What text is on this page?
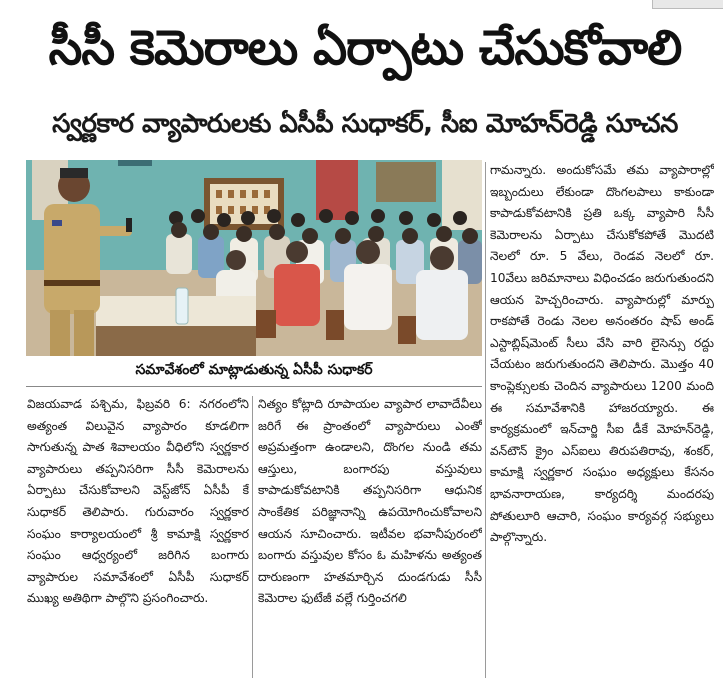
సీసీ కెమెరాలు ఏర్పాటు చేసుకోవాలి
స్వర్ణకార వ్యాపారులకు ఏసీపీ సుధాకర్‌, సీఐ మోహన్‌రెడ్డి సూచన
సమావేశంలో మాట్లాడుతున్న ఏసీపీ సుధాకర్‌

విజయవాడ పశ్చిమ, ఫిబ్రవరి 6: నగరంలోని అత్యంత విలువైన వ్యాపారం కూడలిగా సాగుతున్న పాత శివాలయం వీధిలోని స్వర్ణకార వ్యాపారులు తప్పనిసరిగా సీసీ కెమెరాలను ఏర్పాటు చేసుకోవాలని వెస్ట్‌జోన్‌ ఏసీపీ కే సుధాకర్‌ తెలిపారు. గురువారం స్వర్ణకార సంఘం కార్యాలయంలో శ్రీ కామాక్షి స్వర్ణకార సంఘం ఆధ్వర్యంలో జరిగిన బంగారు వ్యాపారుల సమావేశంలో ఏసీపీ సుధాకర్‌ ముఖ్య అతిథిగా పాల్గొని ప్రసంగించారు.

నిత్యం కోట్లాది రూపాయల వ్యాపార లావాదేవీలు జరిగే ఈ ప్రాంతంలో వ్యాపారులు ఎంతో అప్రమత్తంగా ఉండాలని, దొంగల నుండి తమ ఆస్తులు, బంగారపు వస్తువులు కాపాడుకోవటానికి తప్పనిసరిగా ఆధునిక సాంకేతిక పరిజ్ఞానాన్ని ఉపయోగించుకోవాలని ఆయన సూచించారు. ఇటీవల భవానీపురంలో బంగారు వస్తువుల కోసం ఓ మహిళను అత్యంత దారుణంగా హతమార్చిన దుండగుడు సీసీ కెమెరాల ఫుటేజీ వల్లే గుర్తించగలి

గామన్నారు. అందుకోసమే తమ వ్యాపారాల్లో ఇబ్బందులు లేకుండా దొంగలపాలు కాకుండా కాపాడుకోవటానికి ప్రతి ఒక్క వ్యాపారి సీసీ కెమెరాలను ఏర్పాటు చేసుకోకపోతే మొదటి నెలలో రూ. 5 వేలు, రెండవ నెలలో రూ. 10వేలు జరిమానాలు విధించడం జరుగుతుందని ఆయన హెచ్చరించారు. వ్యాపారుల్లో మార్పు రాకపోతే రెండు నెలల అనంతరం షాప్‌ అండ్‌ ఎస్టాబ్లిష్‌మెంట్‌ సీలు వేసి వారి లైసెన్సు రద్దు చేయటం జరుగుతుందని తెలిపారు. మొత్తం 40 కాంప్లెక్సులకు చెందిన వ్యాపారులు 1200 మంది ఈ సమావేశానికి హాజరయ్యారు. ఈ కార్యక్రమంలో ఇన్‌చార్జి సీఐ డీకే మోహన్‌రెడ్డి, వన్‌టౌన్‌ క్రైం ఎస్‌ఐలు తిరుపతిరావు, శంకర్‌, కామాక్షి స్వర్ణకార సంఘం అధ్యక్షులు కేసనం భావనారాయణ, కార్యదర్శి మందరపు పోతులూరి ఆచారి, సంఘం కార్యవర్గ సభ్యులు పాల్గొన్నారు.
